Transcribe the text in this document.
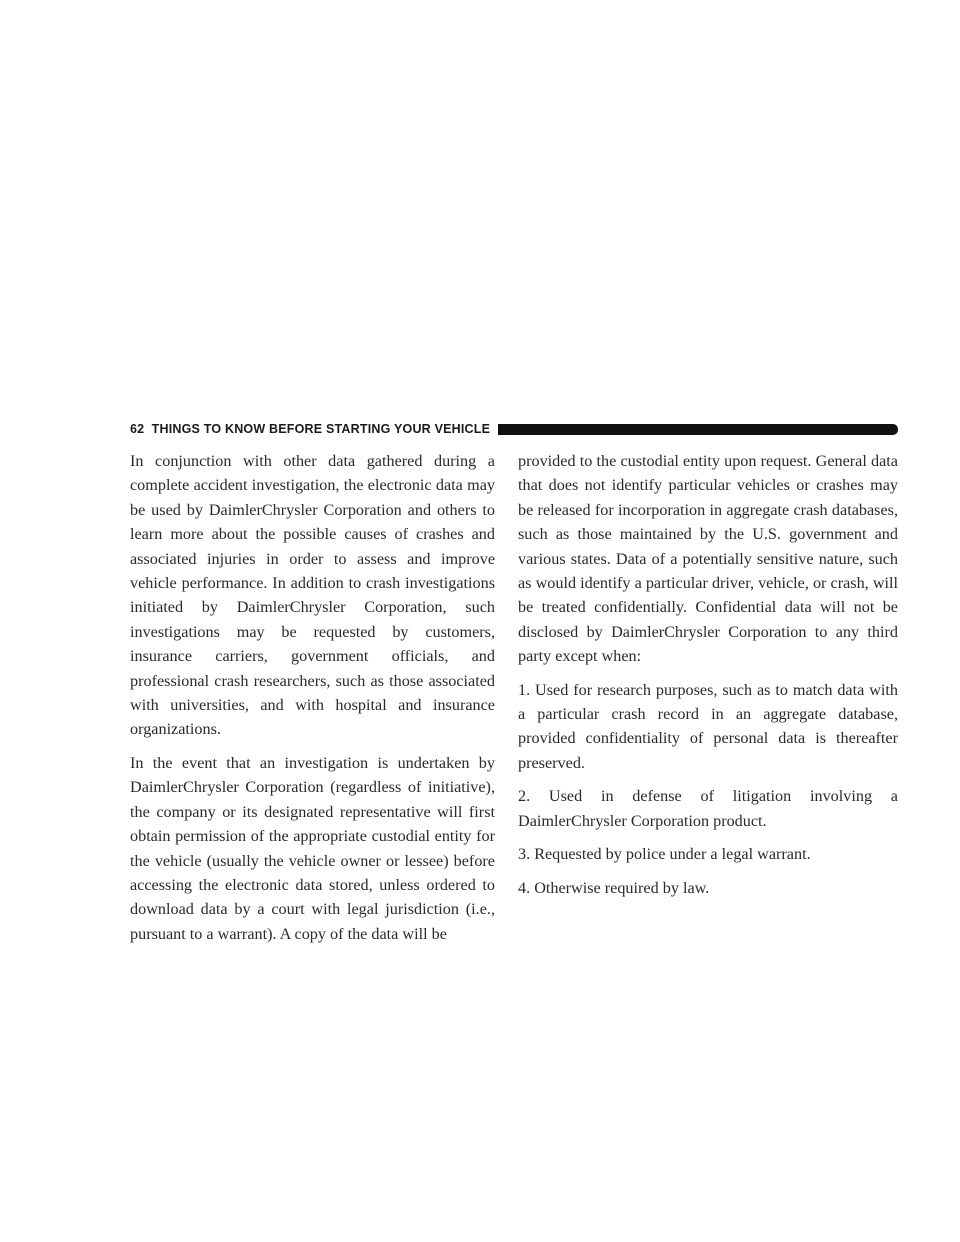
62 THINGS TO KNOW BEFORE STARTING YOUR VEHICLE

In conjunction with other data gathered during a complete accident investigation, the electronic data may be used by DaimlerChrysler Corporation and others to learn more about the possible causes of crashes and associated injuries in order to assess and improve vehicle performance. In addition to crash investigations initiated by DaimlerChrysler Corporation, such investigations may be requested by customers, insurance carriers, government officials, and professional crash researchers, such as those associated with universities, and with hospital and insurance organizations.

In the event that an investigation is undertaken by DaimlerChrysler Corporation (regardless of initiative), the company or its designated representative will first obtain permission of the appropriate custodial entity for the vehicle (usually the vehicle owner or lessee) before accessing the electronic data stored, unless ordered to download data by a court with legal jurisdiction (i.e., pursuant to a warrant). A copy of the data will be

provided to the custodial entity upon request. General data that does not identify particular vehicles or crashes may be released for incorporation in aggregate crash databases, such as those maintained by the U.S. government and various states. Data of a potentially sensitive nature, such as would identify a particular driver, vehicle, or crash, will be treated confidentially. Confidential data will not be disclosed by DaimlerChrysler Corporation to any third party except when:

1. Used for research purposes, such as to match data with a particular crash record in an aggregate database, provided confidentiality of personal data is thereafter preserved.

2. Used in defense of litigation involving a DaimlerChrysler Corporation product.

3. Requested by police under a legal warrant.

4. Otherwise required by law.
